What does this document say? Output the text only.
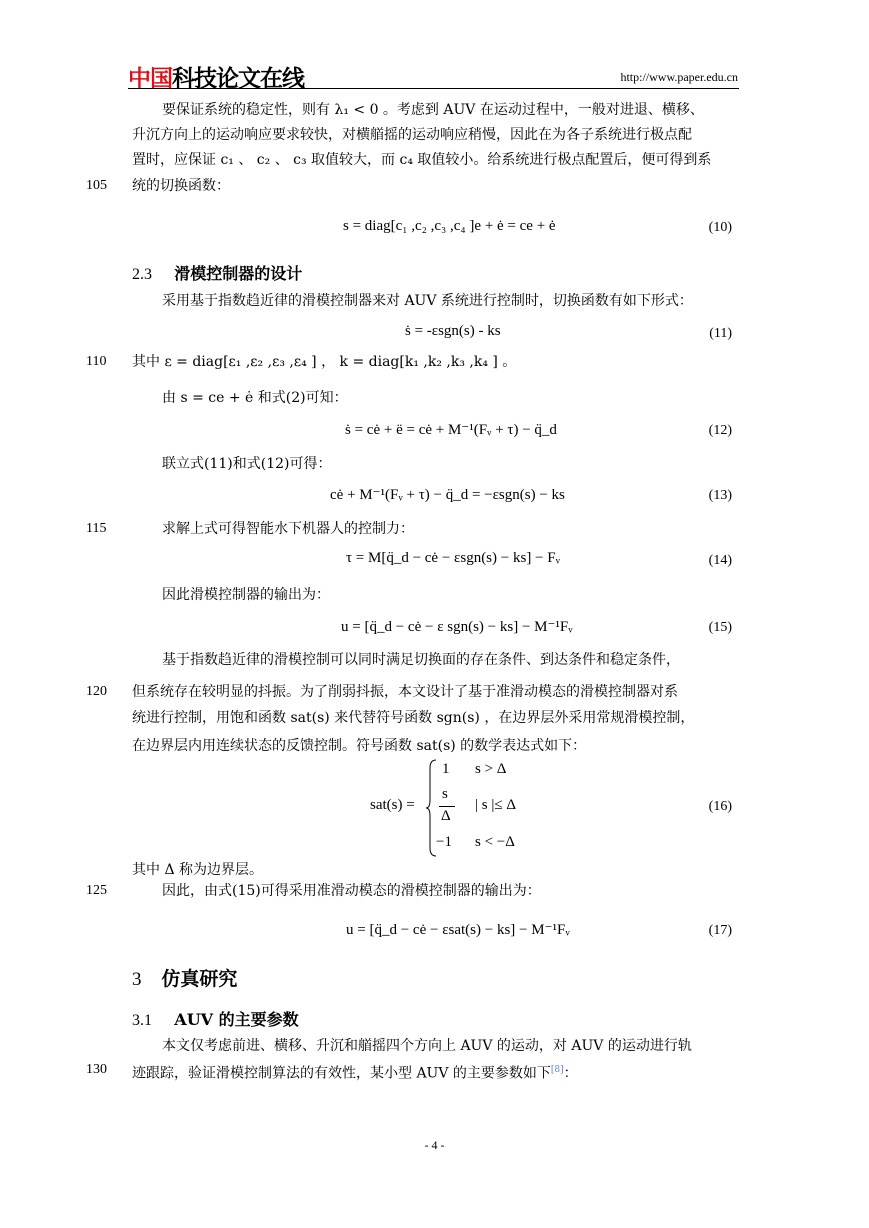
中国科技论文在线	http://www.paper.edu.cn
要保证系统的稳定性，则有 λ₁ < 0 。考虑到 AUV 在运动过程中，一般对进退、横移、
升沉方向上的运动响应要求较快，对横艏摇的运动响应稍慢，因此在为各子系统进行极点配
置时，应保证 c₁ 、 c₂ 、 c₃ 取值较大，而 c₄ 取值较小。给系统进行极点配置后，便可得到系
105 统的切换函数：
s = diag[c₁ ,c₂ ,c₃ ,c₄ ]e + ė = ce + ė	(10)
2.3 滑模控制器的设计
采用基于指数趋近律的滑模控制器来对 AUV 系统进行控制时，切换函数有如下形式：
ṡ = -εsgn(s) - ks	(11)
110 其中 ε = diag[ε₁ ,ε₂ ,ε₃ ,ε₄ ] ， k = diag[k₁ ,k₂ ,k₃ ,k₄ ] 。
由 s = ce + ė 和式(2)可知：
ṡ = cė + ë = cė + M⁻¹(Fᵥ + τ) − q̈_d	(12)
联立式(11)和式(12)可得：
cė + M⁻¹(Fᵥ + τ) − q̈_d = −εsgn(s) − ks	(13)
115	求解上式可得智能水下机器人的控制力：
τ = M[q̈_d − cė − εsgn(s) − ks] − Fᵥ	(14)
因此滑模控制器的输出为：
u = [q̈_d − cė − ε sgn(s) − ks] − M⁻¹Fᵥ	(15)
基于指数趋近律的滑模控制可以同时满足切换面的存在条件、到达条件和稳定条件，
120 但系统存在较明显的抖振。为了削弱抖振，本文设计了基于准滑动模态的滑模控制器对系
统进行控制，用饱和函数 sat(s) 来代替符号函数 sgn(s) ，在边界层外采用常规滑模控制，
在边界层内用连续状态的反馈控制。符号函数 sat(s) 的数学表达式如下：
sat(s) =
1 s > Δ
s
Δ
| s |≤ Δ
−1 s < −Δ
(16)
其中 Δ 称为边界层。
125	因此，由式(15)可得采用准滑动模态的滑模控制器的输出为：
u = [q̈_d − cė − εsat(s) − ks] − M⁻¹Fᵥ	(17)
3 仿真研究
3.1 AUV 的主要参数
本文仅考虑前进、横移、升沉和艏摇四个方向上 AUV 的运动，对 AUV 的运动进行轨
130 迹跟踪，验证滑模控制算法的有效性，某小型 AUV 的主要参数如下[8]：
- 4 -
